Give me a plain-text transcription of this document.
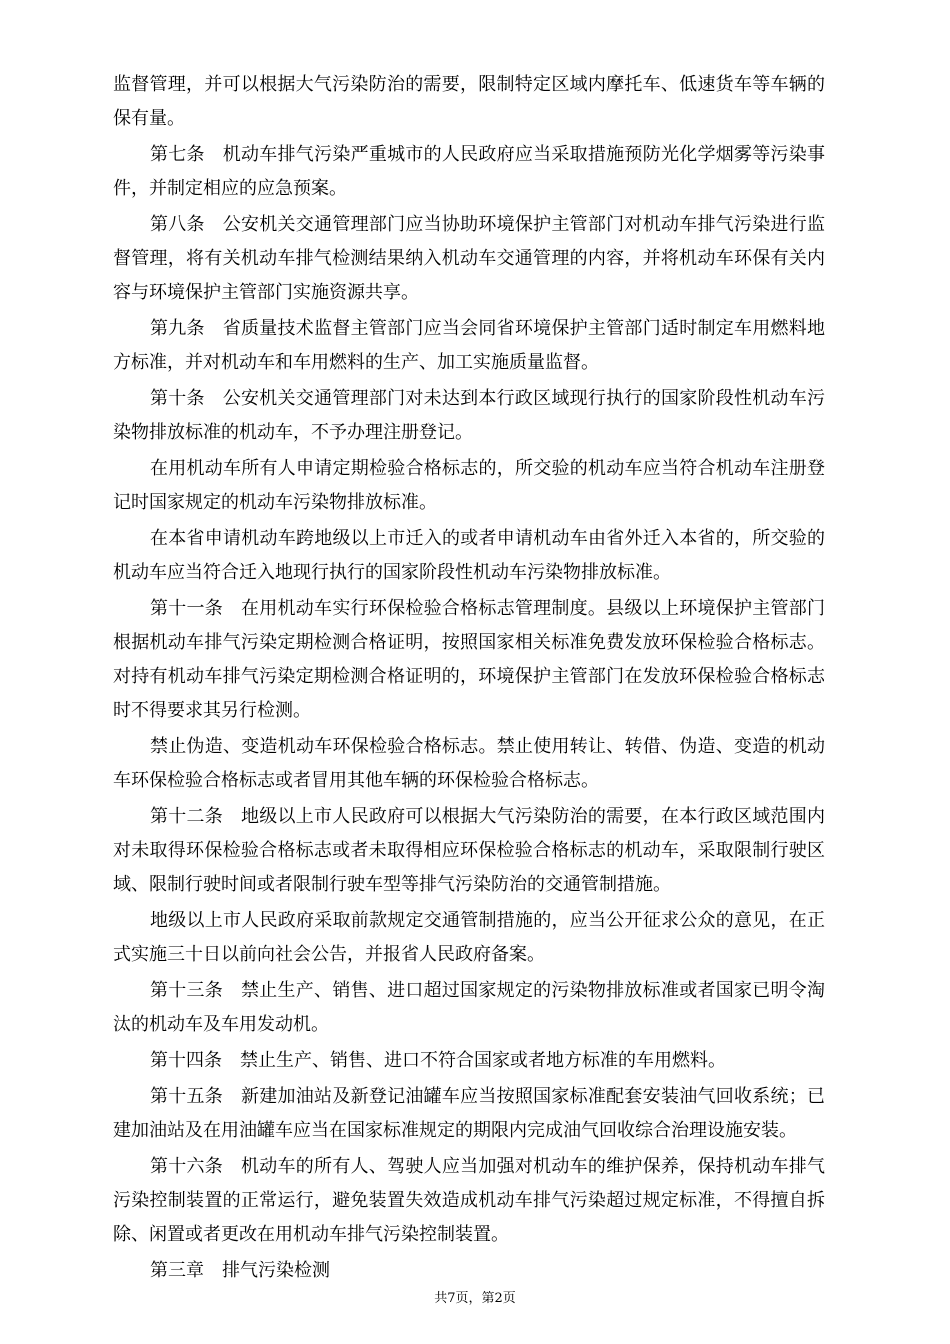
监督管理，并可以根据大气污染防治的需要，限制特定区域内摩托车、低速货车等车辆的保有量。

第七条 机动车排气污染严重城市的人民政府应当采取措施预防光化学烟雾等污染事件，并制定相应的应急预案。

第八条 公安机关交通管理部门应当协助环境保护主管部门对机动车排气污染进行监督管理，将有关机动车排气检测结果纳入机动车交通管理的内容，并将机动车环保有关内容与环境保护主管部门实施资源共享。

第九条 省质量技术监督主管部门应当会同省环境保护主管部门适时制定车用燃料地方标准，并对机动车和车用燃料的生产、加工实施质量监督。

第十条 公安机关交通管理部门对未达到本行政区域现行执行的国家阶段性机动车污染物排放标准的机动车，不予办理注册登记。

在用机动车所有人申请定期检验合格标志的，所交验的机动车应当符合机动车注册登记时国家规定的机动车污染物排放标准。

在本省申请机动车跨地级以上市迁入的或者申请机动车由省外迁入本省的，所交验的机动车应当符合迁入地现行执行的国家阶段性机动车污染物排放标准。

第十一条 在用机动车实行环保检验合格标志管理制度。县级以上环境保护主管部门根据机动车排气污染定期检测合格证明，按照国家相关标准免费发放环保检验合格标志。对持有机动车排气污染定期检测合格证明的，环境保护主管部门在发放环保检验合格标志时不得要求其另行检测。

禁止伪造、变造机动车环保检验合格标志。禁止使用转让、转借、伪造、变造的机动车环保检验合格标志或者冒用其他车辆的环保检验合格标志。

第十二条 地级以上市人民政府可以根据大气污染防治的需要，在本行政区域范围内对未取得环保检验合格标志或者未取得相应环保检验合格标志的机动车，采取限制行驶区域、限制行驶时间或者限制行驶车型等排气污染防治的交通管制措施。

地级以上市人民政府采取前款规定交通管制措施的，应当公开征求公众的意见，在正式实施三十日以前向社会公告，并报省人民政府备案。

第十三条 禁止生产、销售、进口超过国家规定的污染物排放标准或者国家已明令淘汰的机动车及车用发动机。

第十四条 禁止生产、销售、进口不符合国家或者地方标准的车用燃料。

第十五条 新建加油站及新登记油罐车应当按照国家标准配套安装油气回收系统；已建加油站及在用油罐车应当在国家标准规定的期限内完成油气回收综合治理设施安装。

第十六条 机动车的所有人、驾驶人应当加强对机动车的维护保养，保持机动车排气污染控制装置的正常运行，避免装置失效造成机动车排气污染超过规定标准，不得擅自拆除、闲置或者更改在用机动车排气污染控制装置。

第三章 排气污染检测

共7页，第2页
